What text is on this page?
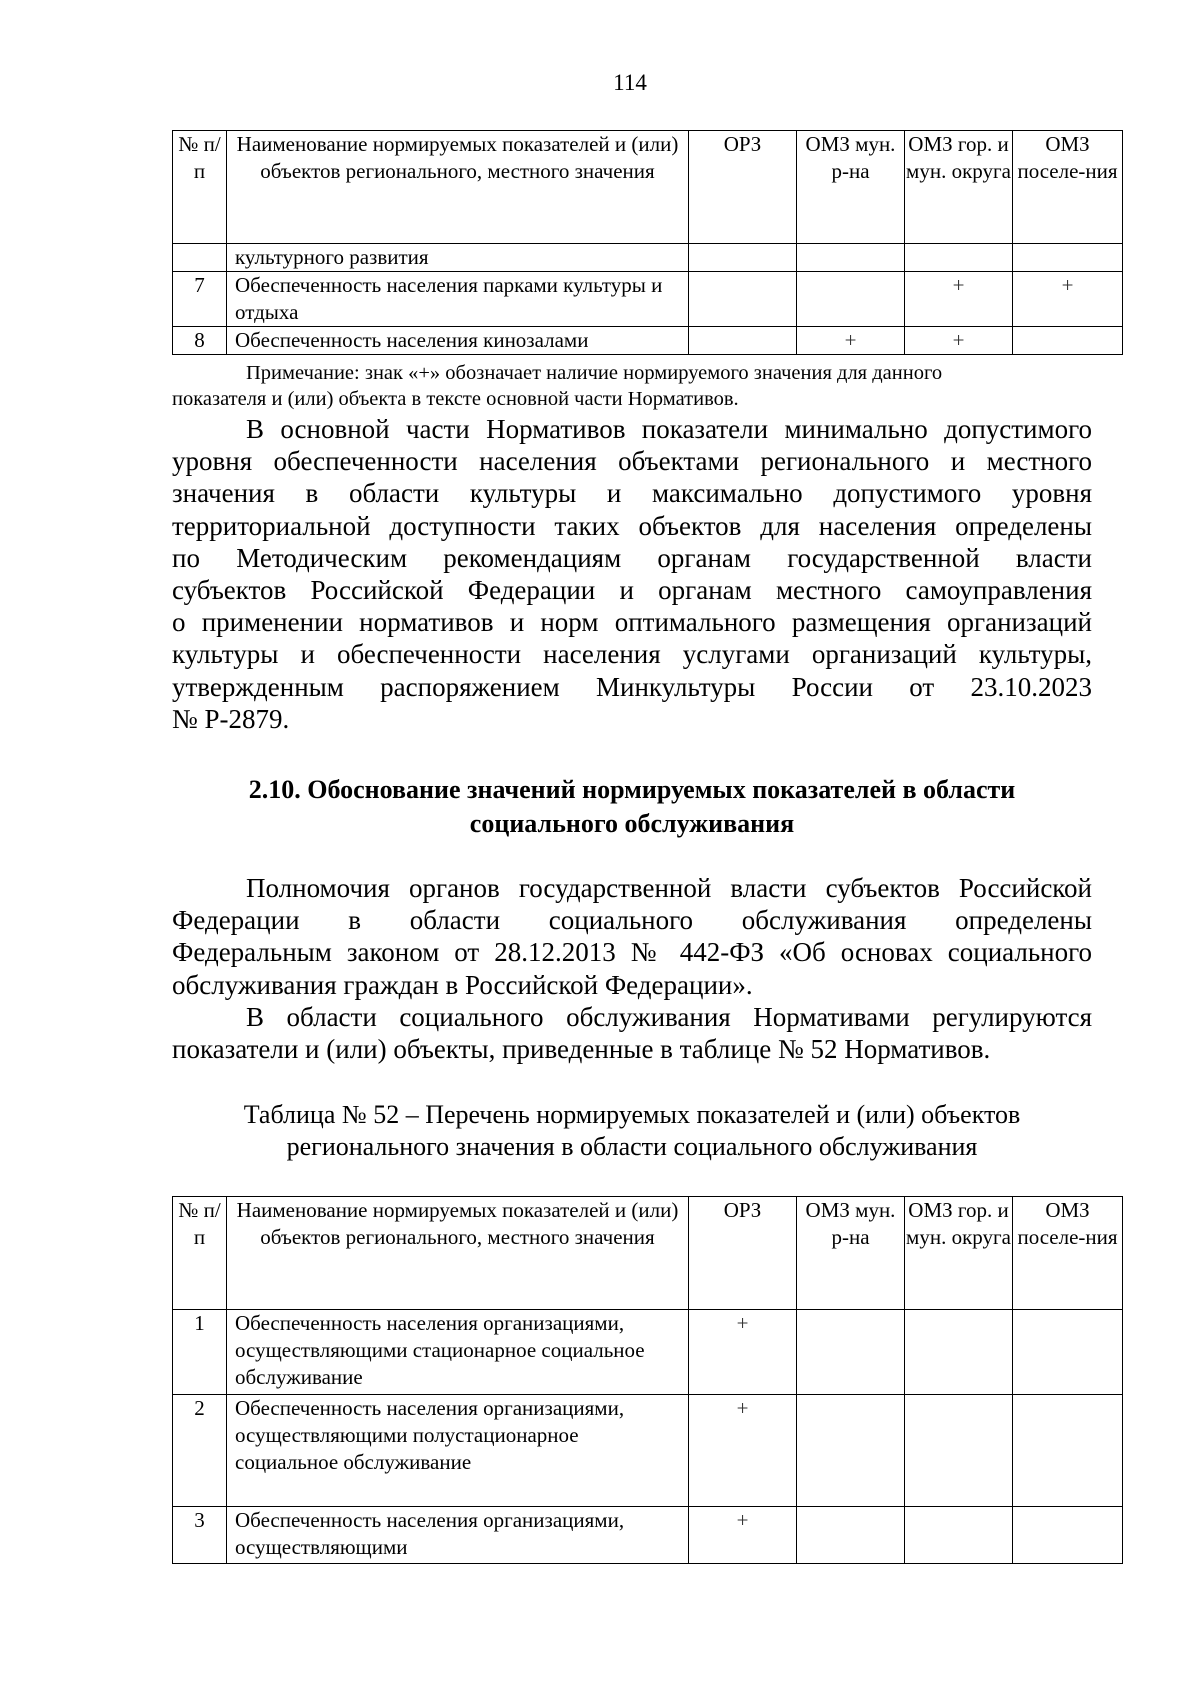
114
№ п/п	Наименование нормируемых показателей и (или) объектов регионального, местного значения	ОРЗ	ОМЗ мун. р-на	ОМЗ гор. и мун. округа	ОМЗ поселе-ния
	культурного развития				
7	Обеспеченность населения парками культуры и отдыха			+	+
8	Обеспеченность населения кинозалами		+	+	
Примечание: знак «+» обозначает наличие нормируемого значения для данного
показателя и (или) объекта в тексте основной части Нормативов.
В основной части Нормативов показатели минимально допустимого
уровня обеспеченности населения объектами регионального и местного
значения в области культуры и максимально допустимого уровня
территориальной доступности таких объектов для населения определены
по Методическим рекомендациям органам государственной власти
субъектов Российской Федерации и органам местного самоуправления
о применении нормативов и норм оптимального размещения организаций
культуры и обеспеченности населения услугами организаций культуры,
утвержденным распоряжением Минкультуры России от 23.10.2023
№ Р-2879.
2.10. Обоснование значений нормируемых показателей в области
социального обслуживания
Полномочия органов государственной власти субъектов Российской
Федерации в области социального обслуживания определены
Федеральным законом от 28.12.2013 № 442-ФЗ «Об основах социального
обслуживания граждан в Российской Федерации».
В области социального обслуживания Нормативами регулируются
показатели и (или) объекты, приведенные в таблице № 52 Нормативов.
Таблица № 52 – Перечень нормируемых показателей и (или) объектов
регионального значения в области социального обслуживания
№ п/п	Наименование нормируемых показателей и (или) объектов регионального, местного значения	ОРЗ	ОМЗ мун. р-на	ОМЗ гор. и мун. округа	ОМЗ поселе-ния
1	Обеспеченность населения организациями, осуществляющими стационарное социальное обслуживание	+			
2	Обеспеченность населения организациями, осуществляющими полустационарное социальное обслуживание	+			
3	Обеспеченность населения организациями, осуществляющими	+			
